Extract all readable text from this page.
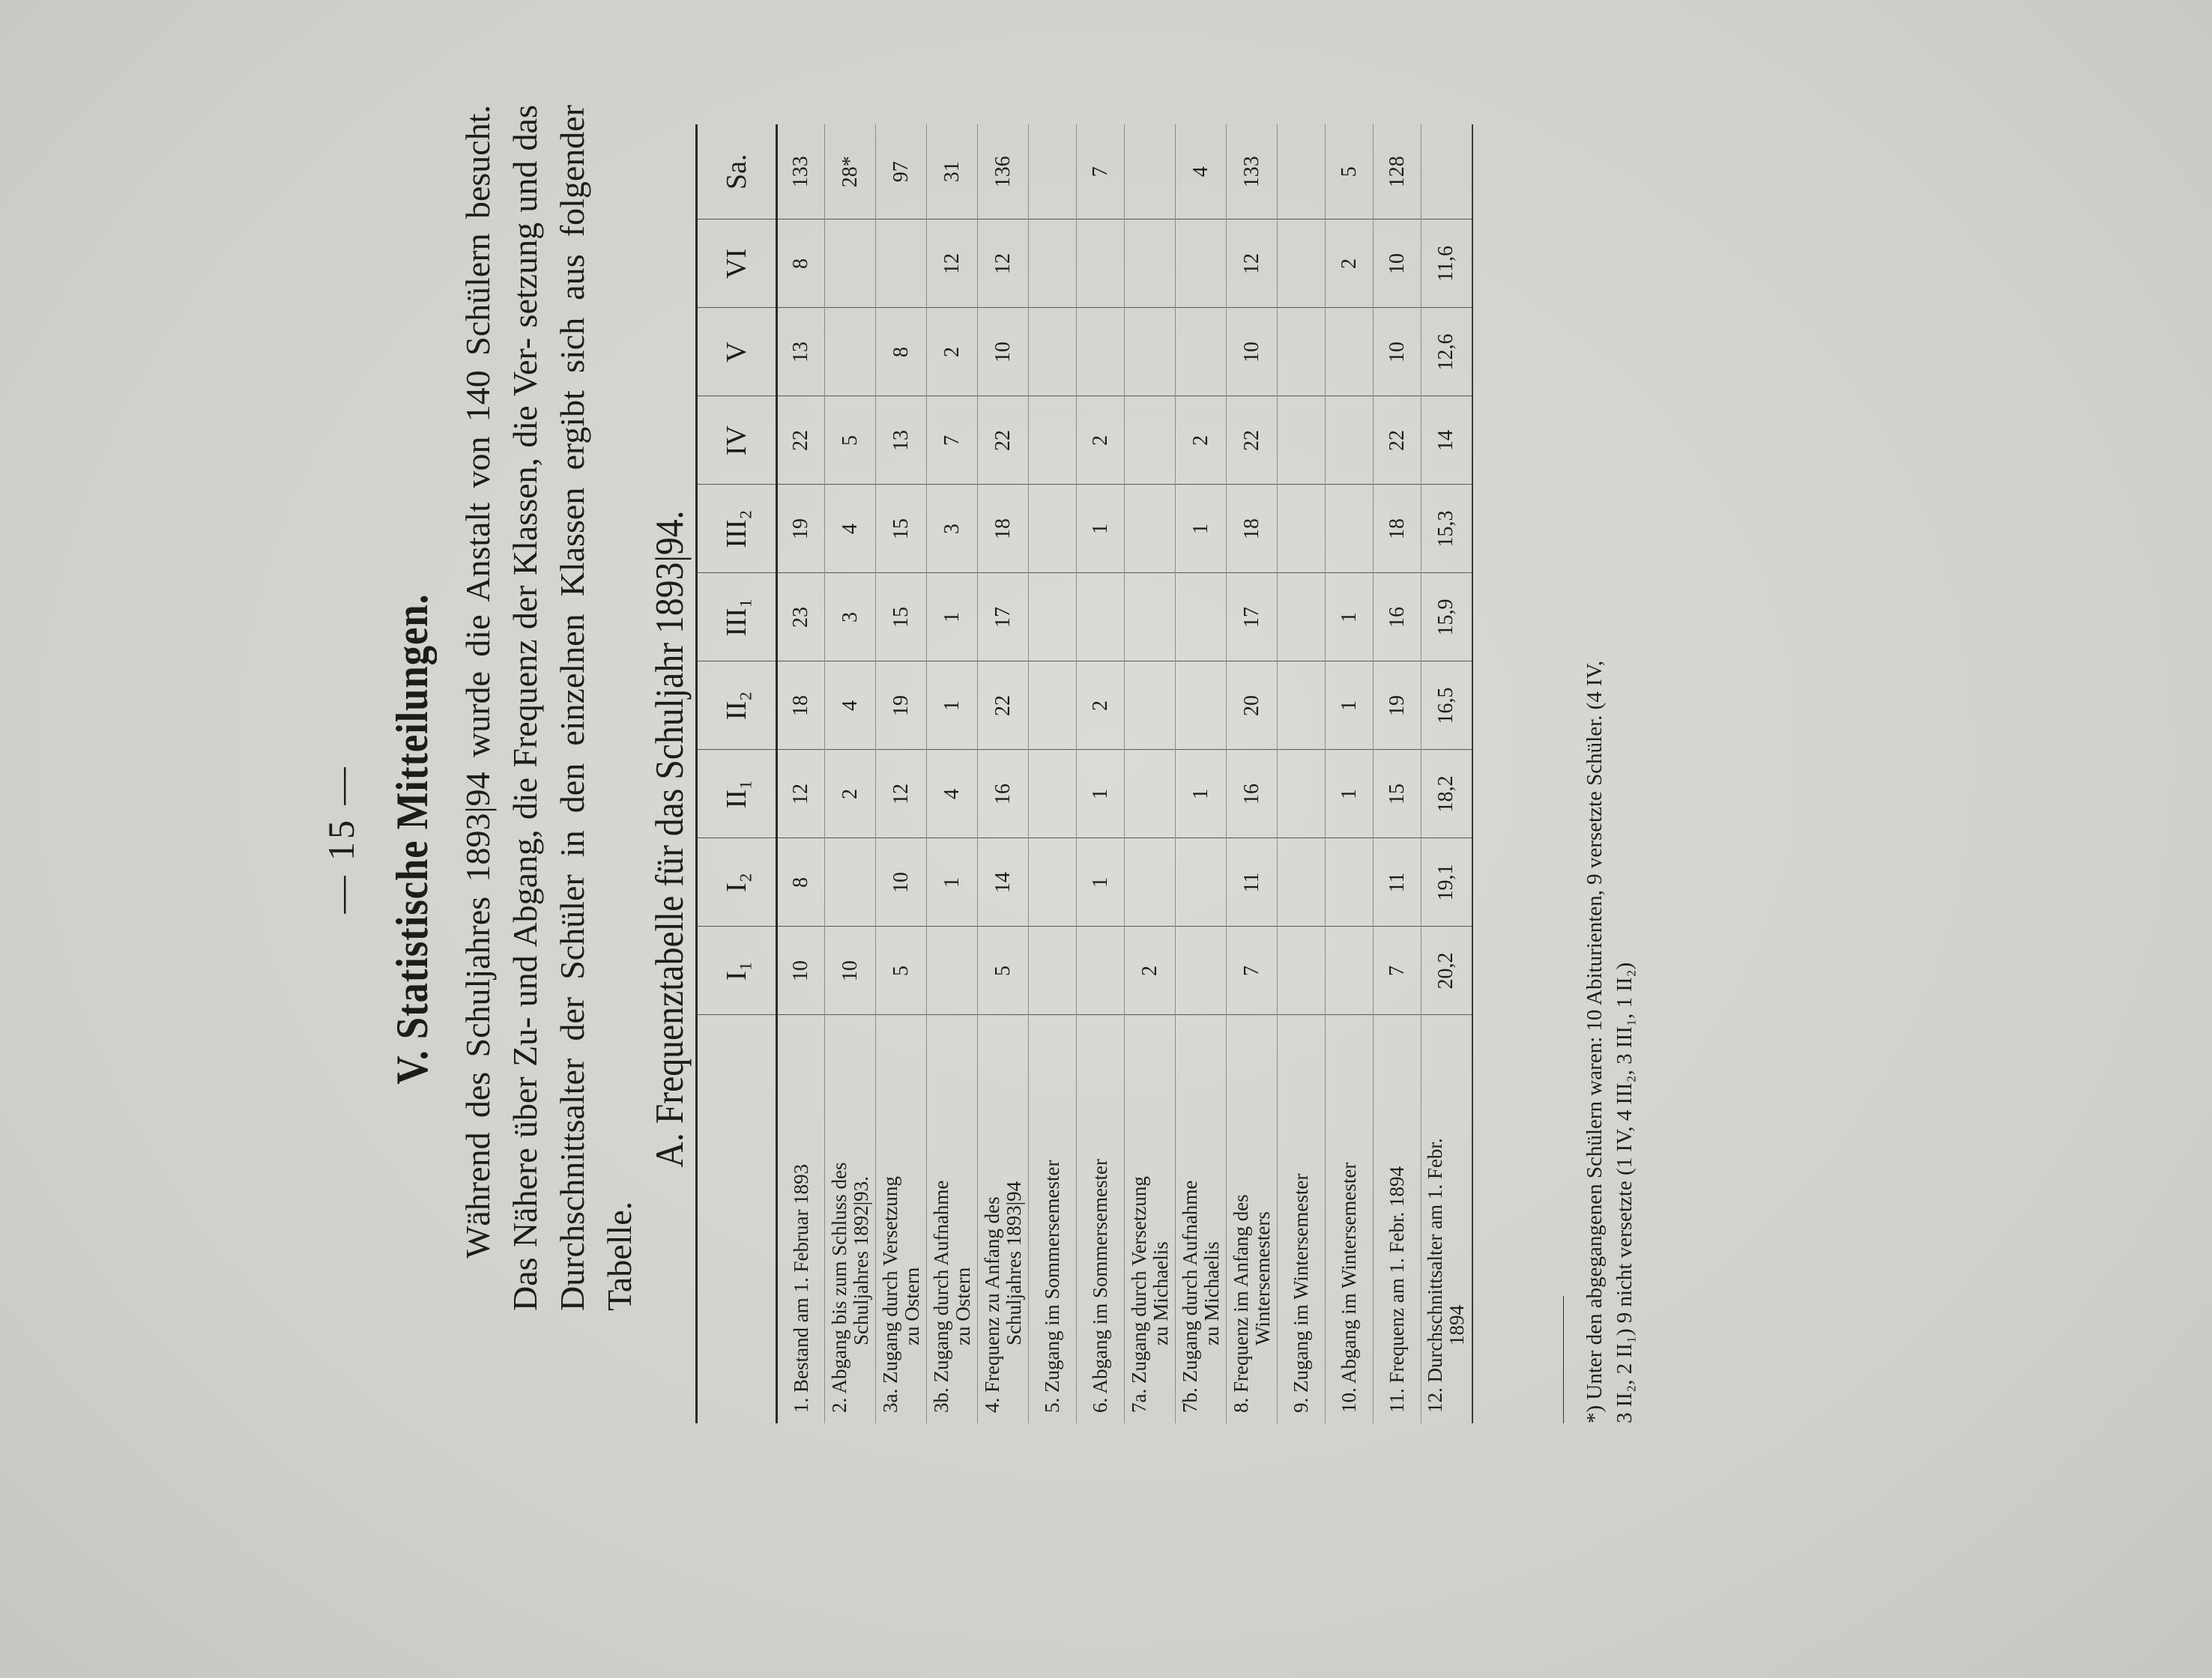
— 15 — V. Statistische Mitteilungen. Während des Schuljahres 1893|94 wurde die Anstalt von 140 Schülern besucht. Das Nähere über Zu- und Abgang, die Frequenz der Klassen, die Ver- setzung und das Durchschnittsalter der Schüler in den einzelnen Klassen ergibt sich aus folgender Tabelle.

A. Frequenztabelle für das Schuljahr 1893|94.
	I₁	I₂	II₁	II₂	III₁	III₂	IV	V	VI	Sa.
1. Bestand am 1. Februar 1893	10	8	12	18	23	19	22	13	8	133
2. Abgang bis zum Schluss des Schuljahres 1892|93.	10		2	4	3	4	5			28*
3a. Zugang durch Versetzung zu Ostern	5	10	12	19	15	15	13	8		97
3b. Zugang durch Aufnahme zu Ostern		1	4	1	1	3	7	2	12	31
4. Frequenz zu Anfang des Schuljahres 1893|94	5	14	16	22	17	18	22	10	12	136
5. Zugang im Sommersemester										
6. Abgang im Sommersemester		1	1	2		1	2			7
7a. Zugang durch Versetzung zu Michaelis	2									
7b. Zugang durch Aufnahme zu Michaelis			1			1	2			4
8. Frequenz im Anfang des Wintersemesters	7	11	16	20	17	18	22	10	12	133
9. Zugang im Wintersemester										
10. Abgang im Wintersemester			1	1	1				2	5
11. Frequenz am 1. Febr. 1894	7	11	15	19	16	18	22	10	10	128
12. Durchschnittsalter am 1. Febr. 1894	20,2	19,1	18,2	16,5	15,9	15,3	14	12,6	11,6	

*) Unter den abgegangenen Schülern waren: 10 Abiturienten, 9 versetzte Schüler. (4 IV, 3 II₂, 2 II₁) 9 nicht versetzte (1 IV, 4 III₂, 3 III₁, 1 II₂)
